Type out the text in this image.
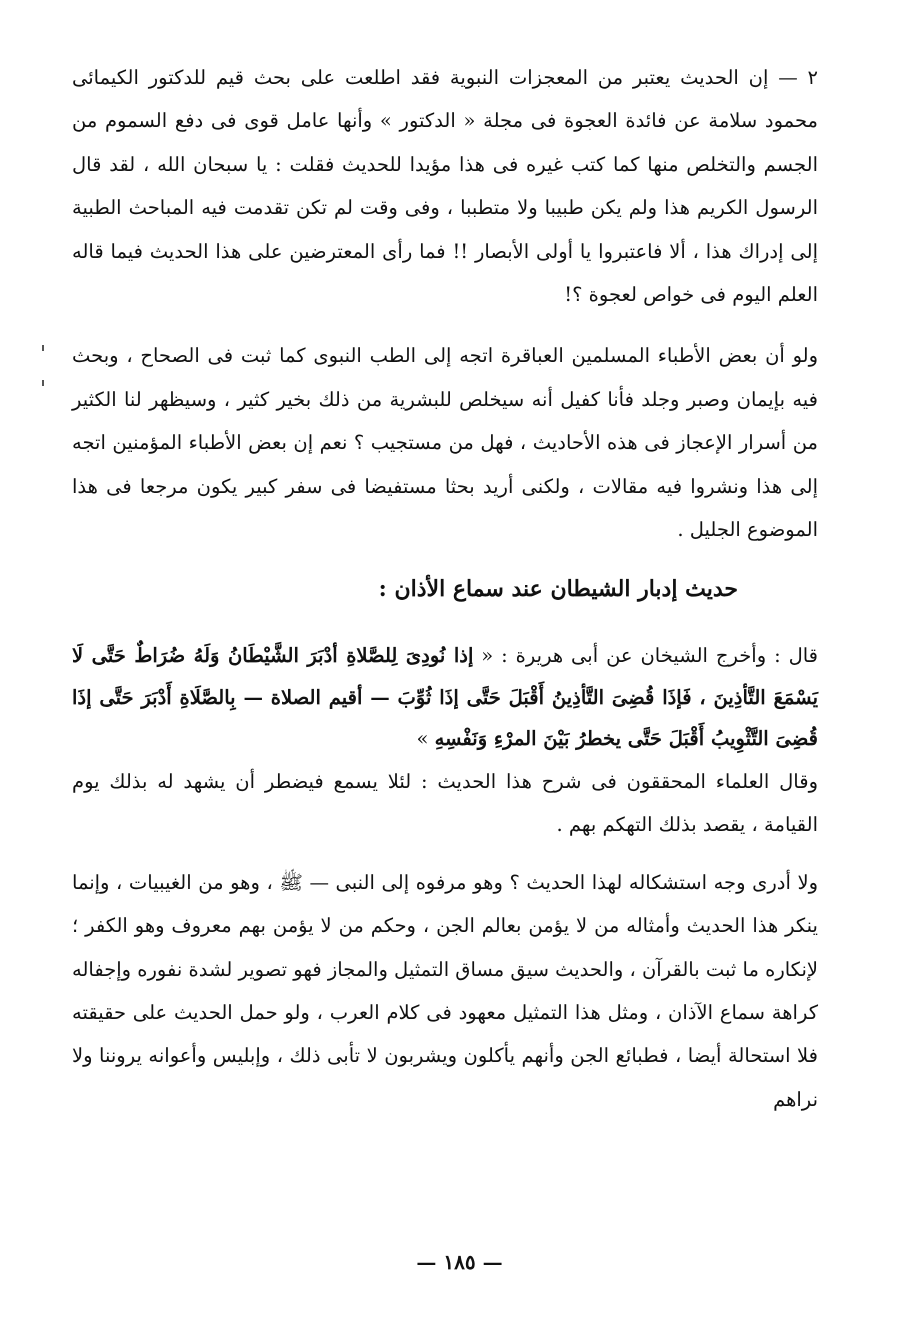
٢ — إن الحديث يعتبر من المعجزات النبوية فقد اطلعت على بحث قيم للدكتور الكيمائى محمود سلامة عن فائدة العجوة فى مجلة « الدكتور » وأنها عامل قوى فى دفع السموم من الجسم والتخلص منها كما كتب غيره فى هذا مؤيدا للحديث فقلت : يا سبحان الله ، لقد قال الرسول الكريم هذا ولم يكن طبيبا ولا متطببا ، وفى وقت لم تكن تقدمت فيه المباحث الطبية إلى إدراك هذا ، ألا فاعتبروا يا أولى الأبصار !! فما رأى المعترضين على هذا الحديث فيما قاله العلم اليوم فى خواص لعجوة ؟!

ولو أن بعض الأطباء المسلمين العباقرة اتجه إلى الطب النبوى كما ثبت فى الصحاح ، وبحث فيه بإيمان وصبر وجلد فأنا كفيل أنه سيخلص للبشرية من ذلك بخير كثير ، وسيظهر لنا الكثير من أسرار الإعجاز فى هذه الأحاديث ، فهل من مستجيب ؟ نعم إن بعض الأطباء المؤمنين اتجه إلى هذا ونشروا فيه مقالات ، ولكنى أريد بحثا مستفيضا فى سفر كبير يكون مرجعا فى هذا الموضوع الجليل .

حديث إدبار الشيطان عند سماع الأذان :

قال : وأخرج الشيخان عن أبى هريرة : « إذا نُودِىَ لِلصَّلاةِ أدْبَرَ الشَّيْطَانُ وَلَهُ ضُرَاطٌ حَتَّى لَا يَسْمَعَ التَّأذِينَ ، فَإذَا قُضِىَ التَّأذِينُ أَقْبَلَ حَتَّى إذَا ثُوِّبَ — أقيم الصلاة — بِالصَّلَاةِ أَدْبَرَ حَتَّى إذَا قُضِىَ التَّثْوِيبُ أَقْبَلَ حَتَّى يخطرُ بَيْنَ المرْءِ وَنَفْسِهِ »

وقال العلماء المحققون فى شرح هذا الحديث : لئلا يسمع فيضطر أن يشهد له بذلك يوم القيامة ، يقصد بذلك التهكم بهم .

ولا أدرى وجه استشكاله لهذا الحديث ؟ وهو مرفوه إلى النبى — ﷺ ، وهو من الغيبيات ، وإنما ينكر هذا الحديث وأمثاله من لا يؤمن بعالم الجن ، وحكم من لا يؤمن بهم معروف وهو الكفر ؛ لإنكاره ما ثبت بالقرآن ، والحديث سيق مساق التمثيل والمجاز فهو تصوير لشدة نفوره وإجفاله كراهة سماع الآذان ، ومثل هذا التمثيل معهود فى كلام العرب ، ولو حمل الحديث على حقيقته فلا استحالة أيضا ، فطبائع الجن وأنهم يأكلون ويشربون لا تأبى ذلك ، وإبليس وأعوانه يروننا ولا نراهم

— ١٨٥ —
